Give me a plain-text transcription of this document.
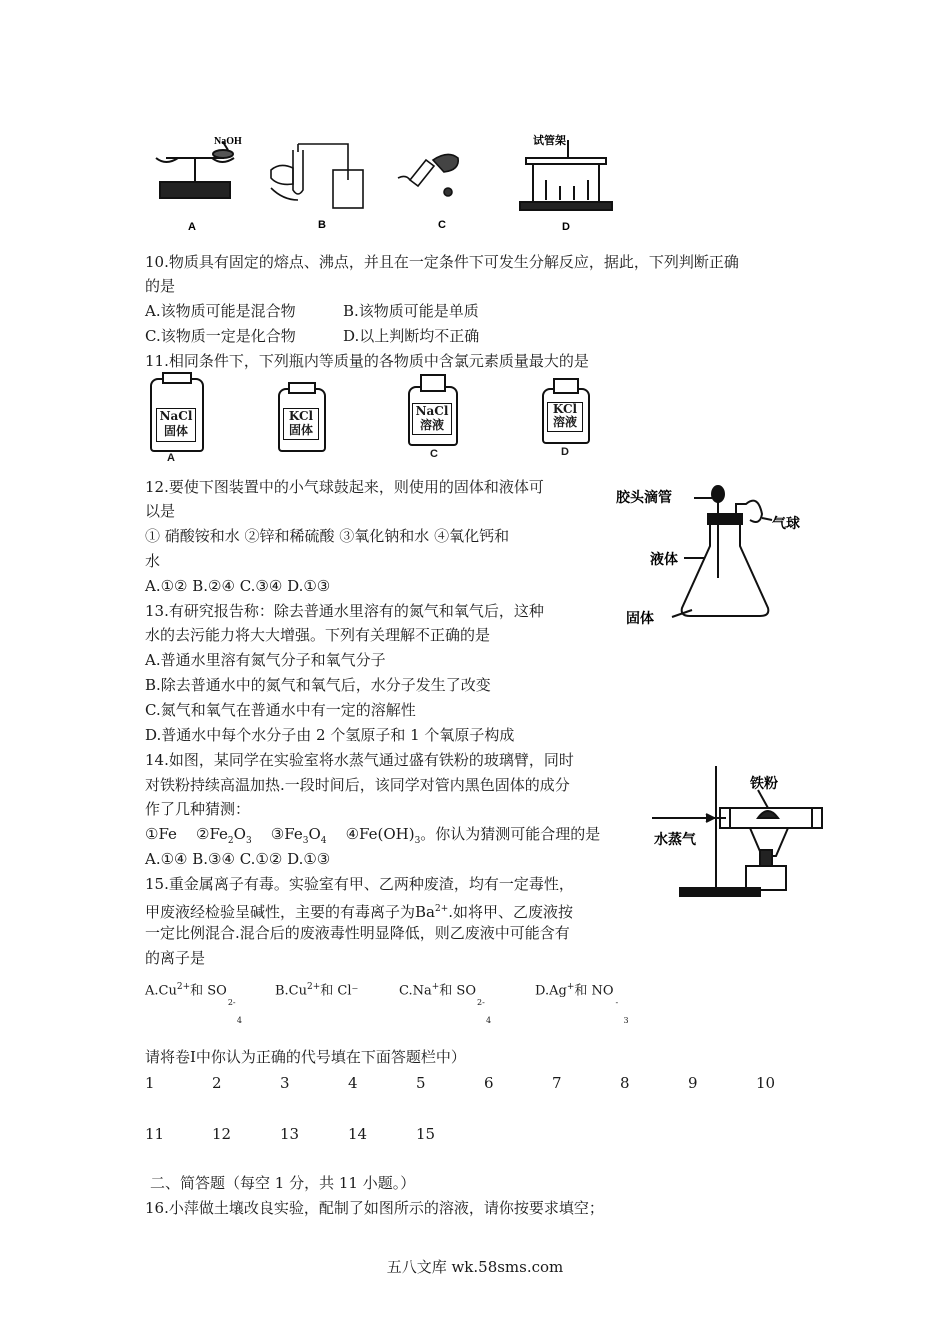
NaOH	试管架
A	B	C	D
10.物质具有固定的熔点、沸点，并且在一定条件下可发生分解反应，据此，下列判断正确
的是
A.该物质可能是混合物	B.该物质可能是单质
C.该物质一定是化合物	D.以上判断均不正确
11.相同条件下，下列瓶内等质量的各物质中含氯元素质量最大的是
NaCl
固体
A
KCl
固体
NaCl
溶液
C
KCl
溶液
D
12.要使下图装置中的小气球鼓起来，则使用的固体和液体可
以是
① 硝酸铵和水 ②锌和稀硫酸 ③氧化钠和水 ④氧化钙和
水
A.①② B.②④ C.③④ D.①③
胶头滴管
气球
液体
固体
13.有研究报告称：除去普通水里溶有的氮气和氧气后，这种
水的去污能力将大大增强。下列有关理解不正确的是
A.普通水里溶有氮气分子和氧气分子
B.除去普通水中的氮气和氧气后，水分子发生了改变
C.氮气和氧气在普通水中有一定的溶解性
D.普通水中每个水分子由 2 个氢原子和 1 个氧原子构成
14.如图，某同学在实验室将水蒸气通过盛有铁粉的玻璃臂，同时
对铁粉持续高温加热.一段时间后，该同学对管内黑色固体的成分
作了几种猜测：
①Fe $②Fe_2O_3$ $③Fe_3O_4$ $④Fe(OH)_3$。你认为猜测可能合理的是
A.①④ B.③④ C.①② D.①③
铁粉
水蒸气
15.重金属离子有毒。实验室有甲、乙两种废渣，均有一定毒性，
甲废液经检验呈碱性，主要的有毒离子为$Ba^{2+}$.如将甲、乙废液按
一定比例混合.混合后的废液毒性明显降低，则乙废液中可能含有
的离子是
$A.Cu^{2+}$和 SO
2-
4
$B.Cu^{2+}$和 Cl⁻	C.Na+和 SO
2-
4
D.Ag+和 NO
-
3
请将卷Ⅰ中你认为正确的代号填在下面答题栏中）
1	2	3	4	5	6	7	8	9	10
11	12	13	14	15
二、简答题（每空 1 分，共 11 小题。）
16.小萍做土壤改良实验，配制了如图所示的溶液，请你按要求填空；
五八文库 wk.58sms.com
